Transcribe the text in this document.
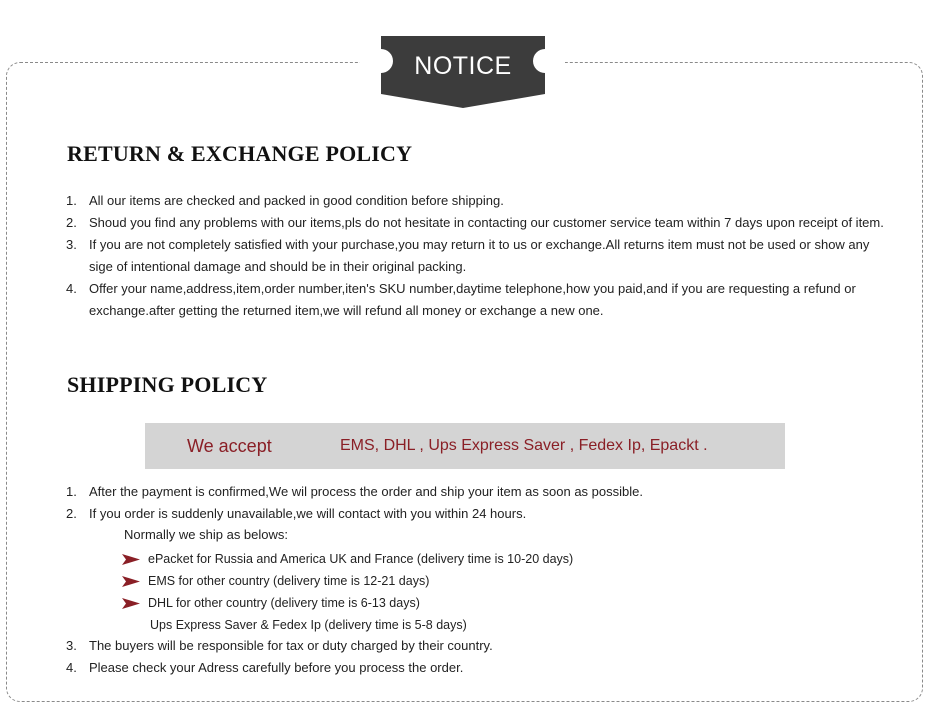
NOTICE
RETURN & EXCHANGE POLICY
1. All our items are checked and packed in good condition before shipping.
2. Shoud you find any problems with our items,pls do not hesitate in contacting our customer service team within 7 days upon receipt of item.
3. If you are not completely satisfied with your purchase,you may return it to us or exchange.All returns item must not be used or show any sige of intentional damage and should be in their original packing.
4. Offer your name,address,item,order number,iten's SKU number,daytime telephone,how you paid,and if you are requesting a refund or exchange.after getting the returned item,we will refund all money or exchange a new one.
SHIPPING POLICY
We accept	EMS, DHL , Ups Express Saver , Fedex Ip, Epackt .
1. After the payment is confirmed,We wil process the order and ship your item as soon as possible.
2. If you order is suddenly unavailable,we will contact with you within 24 hours.
Normally we ship as belows:
ePacket for Russia and America UK and France (delivery time is 10-20 days)
EMS for other country (delivery time is 12-21 days)
DHL for other country (delivery time is 6-13 days)
Ups Express Saver & Fedex Ip (delivery time is 5-8 days)
3. The buyers will be responsible for tax or duty charged by their country.
4. Please check your Adress carefully before you process the order.
